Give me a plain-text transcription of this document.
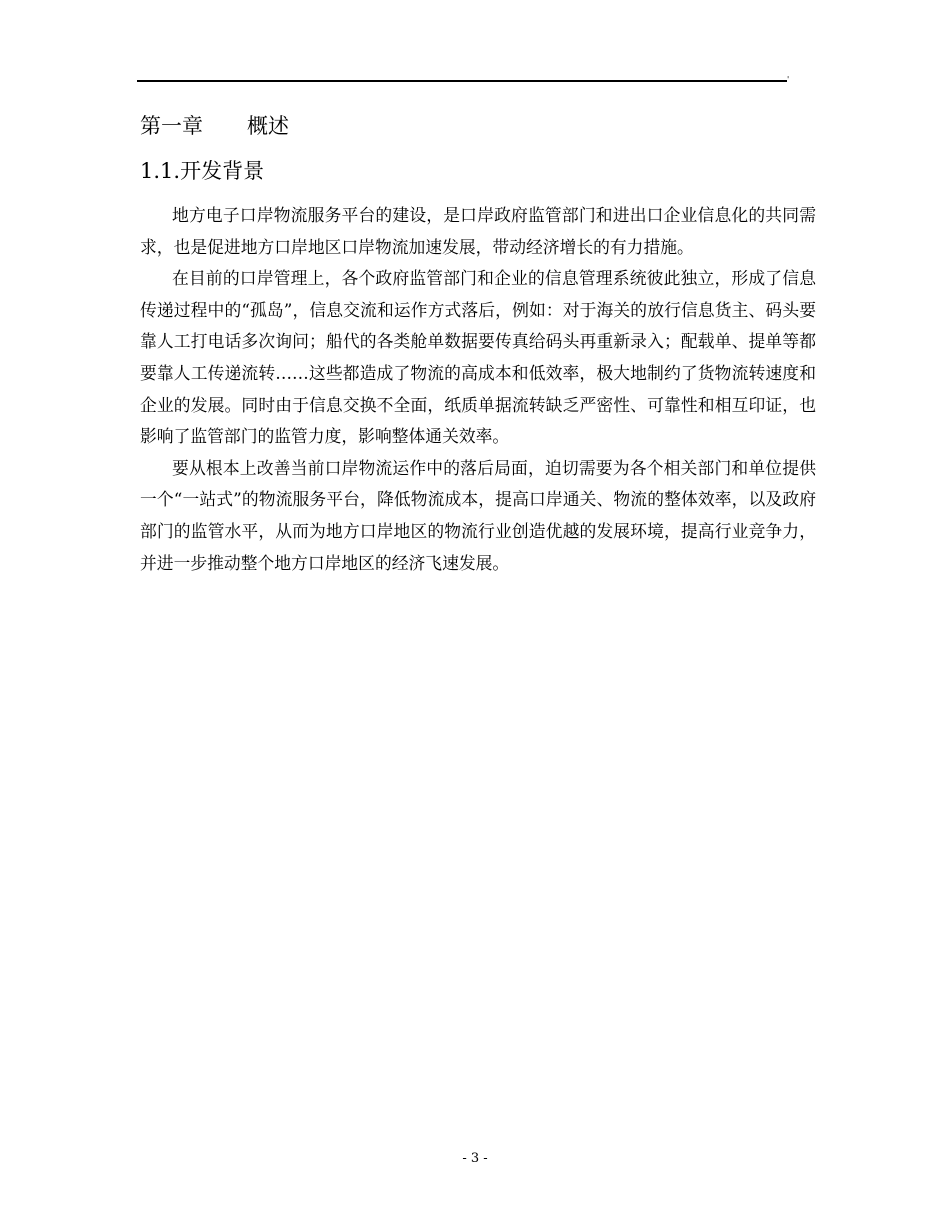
'
第一章 概述
1.1.开发背景

地方电子口岸物流服务平台的建设，是口岸政府监管部门和进出口企业信息化的共同需求，也是促进地方口岸地区口岸物流加速发展，带动经济增长的有力措施。

在目前的口岸管理上，各个政府监管部门和企业的信息管理系统彼此独立，形成了信息传递过程中的“孤岛”，信息交流和运作方式落后，例如：对于海关的放行信息货主、码头要靠人工打电话多次询问；船代的各类舱单数据要传真给码头再重新录入；配载单、提单等都要靠人工传递流转……这些都造成了物流的高成本和低效率，极大地制约了货物流转速度和企业的发展。同时由于信息交换不全面，纸质单据流转缺乏严密性、可靠性和相互印证，也影响了监管部门的监管力度，影响整体通关效率。

要从根本上改善当前口岸物流运作中的落后局面，迫切需要为各个相关部门和单位提供一个“一站式”的物流服务平台，降低物流成本，提高口岸通关、物流的整体效率，以及政府部门的监管水平，从而为地方口岸地区的物流行业创造优越的发展环境，提高行业竞争力，并进一步推动整个地方口岸地区的经济飞速发展。

- 3 -
